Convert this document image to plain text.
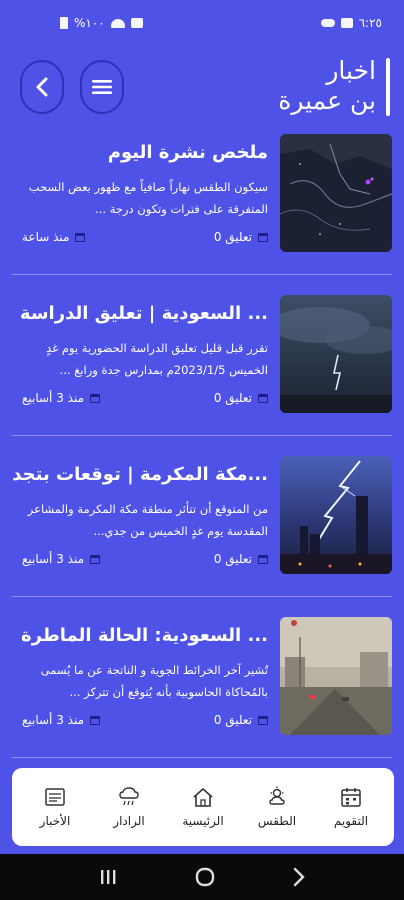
%١٠٠	٦:٢٥
اخبار
بن عميرة
ملخص نشرة اليوم
سيكون الطقس نهاراً صافياً مع ظهور بعض السحب المتفرقة على فترات وتكون درجة ...
منذ ساعة	0 تعليق
السعودية | تعليق الدراسة ...
تقرر قبل قليل تعليق الدراسة الحضورية يوم غدٍ الخميس 2023/1/5م بمدارس جدة ورابغ ...
منذ 3 أسابيع	0 تعليق
مكة المكرمة | توقعات بتجد...
من المتوقع أن تتأثر منطقة مكة المكرمة والمشاعر المقدسة يوم غدٍ الخميس من جدي...
منذ 3 أسابيع	0 تعليق
السعودية: الحالة الماطرة ...
تُشير آخر الخرائط الجوية و الناتجة عن ما يُسمى بالمُحاكاة الحاسوبية بأنه يُتوقع أن تتركز ...
منذ 3 أسابيع	0 تعليق
الأخبار	الرادار	الرئيسية	الطقس	التقويم
